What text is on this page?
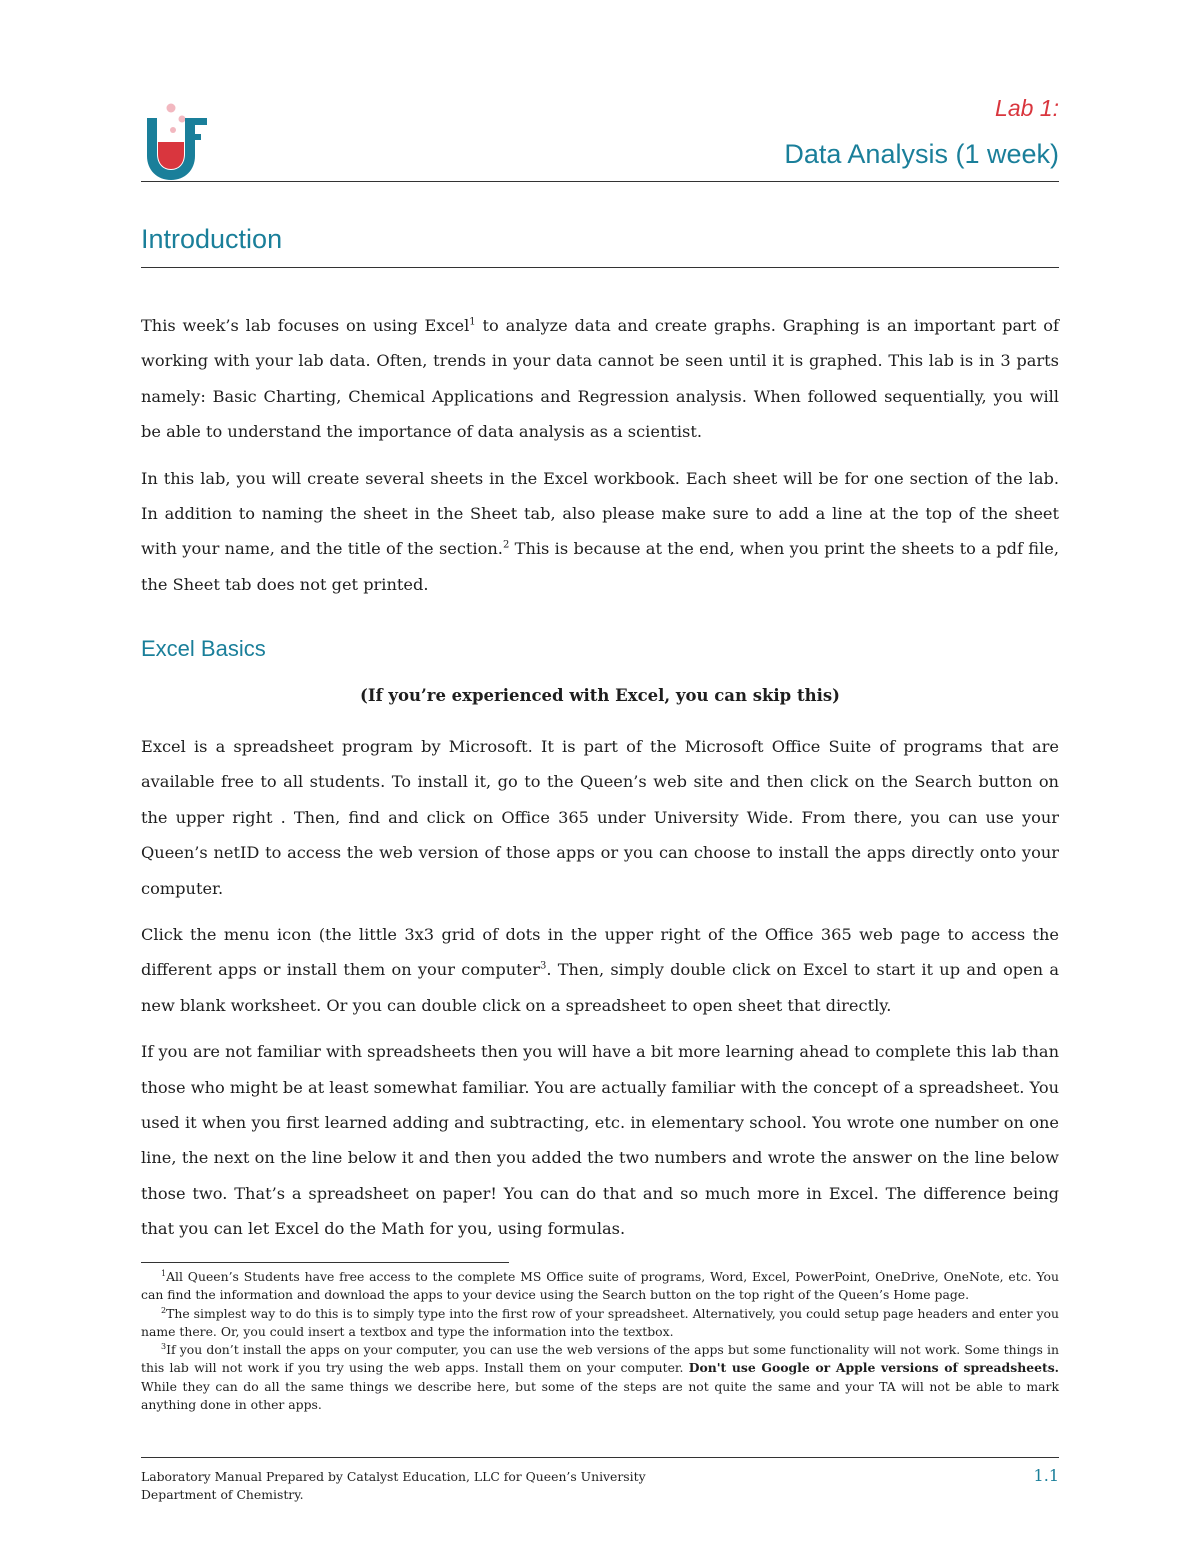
Lab 1:
Data Analysis (1 week)
Introduction

This week’s lab focuses on using Excel$^1$ to analyze data and create graphs. Graphing is an important part of working with your lab data. Often, trends in your data cannot be seen until it is graphed. This lab is in 3 parts namely: Basic Charting, Chemical Applications and Regression analysis. When followed sequentially, you will be able to understand the importance of data analysis as a scientist.

In this lab, you will create several sheets in the Excel workbook. Each sheet will be for one section of the lab. In addition to naming the sheet in the Sheet tab, also please make sure to add a line at the top of the sheet with your name, and the title of the section.$^2$ This is because at the end, when you print the sheets to a pdf file, the Sheet tab does not get printed.

Excel Basics
(If you’re experienced with Excel, you can skip this)

Excel is a spreadsheet program by Microsoft. It is part of the Microsoft Office Suite of programs that are available free to all students. To install it, go to the Queen’s web site and then click on the Search button on the upper right . Then, find and click on Office 365 under University Wide. From there, you can use your Queen’s netID to access the web version of those apps or you can choose to install the apps directly onto your computer.

Click the menu icon (the little 3x3 grid of dots in the upper right of the Office 365 web page to access the different apps or install them on your computer$^3$. Then, simply double click on Excel to start it up and open a new blank worksheet. Or you can double click on a spreadsheet to open sheet that directly.

If you are not familiar with spreadsheets then you will have a bit more learning ahead to complete this lab than those who might be at least somewhat familiar. You are actually familiar with the concept of a spreadsheet. You used it when you first learned adding and subtracting, etc. in elementary school. You wrote one number on one line, the next on the line below it and then you added the two numbers and wrote the answer on the line below those two. That’s a spreadsheet on paper! You can do that and so much more in Excel. The difference being that you can let Excel do the Math for you, using formulas.

$^1$All Queen’s Students have free access to the complete MS Office suite of programs, Word, Excel, PowerPoint, OneDrive, OneNote, etc. You can find the information and download the apps to your device using the Search button on the top right of the Queen’s Home page.

$^2$The simplest way to do this is to simply type into the first row of your spreadsheet. Alternatively, you could setup page headers and enter you name there. Or, you could insert a textbox and type the information into the textbox.

$^3$If you don’t install the apps on your computer, you can use the web versions of the apps but some functionality will not work. Some things in this lab will not work if you try using the web apps. Install them on your computer. Don't use Google or Apple versions of spreadsheets. While they can do all the same things we describe here, but some of the steps are not quite the same and your TA will not be able to mark anything done in other apps.

Laboratory Manual Prepared by Catalyst Education, LLC for Queen’s University
Department of Chemistry.
1.1
